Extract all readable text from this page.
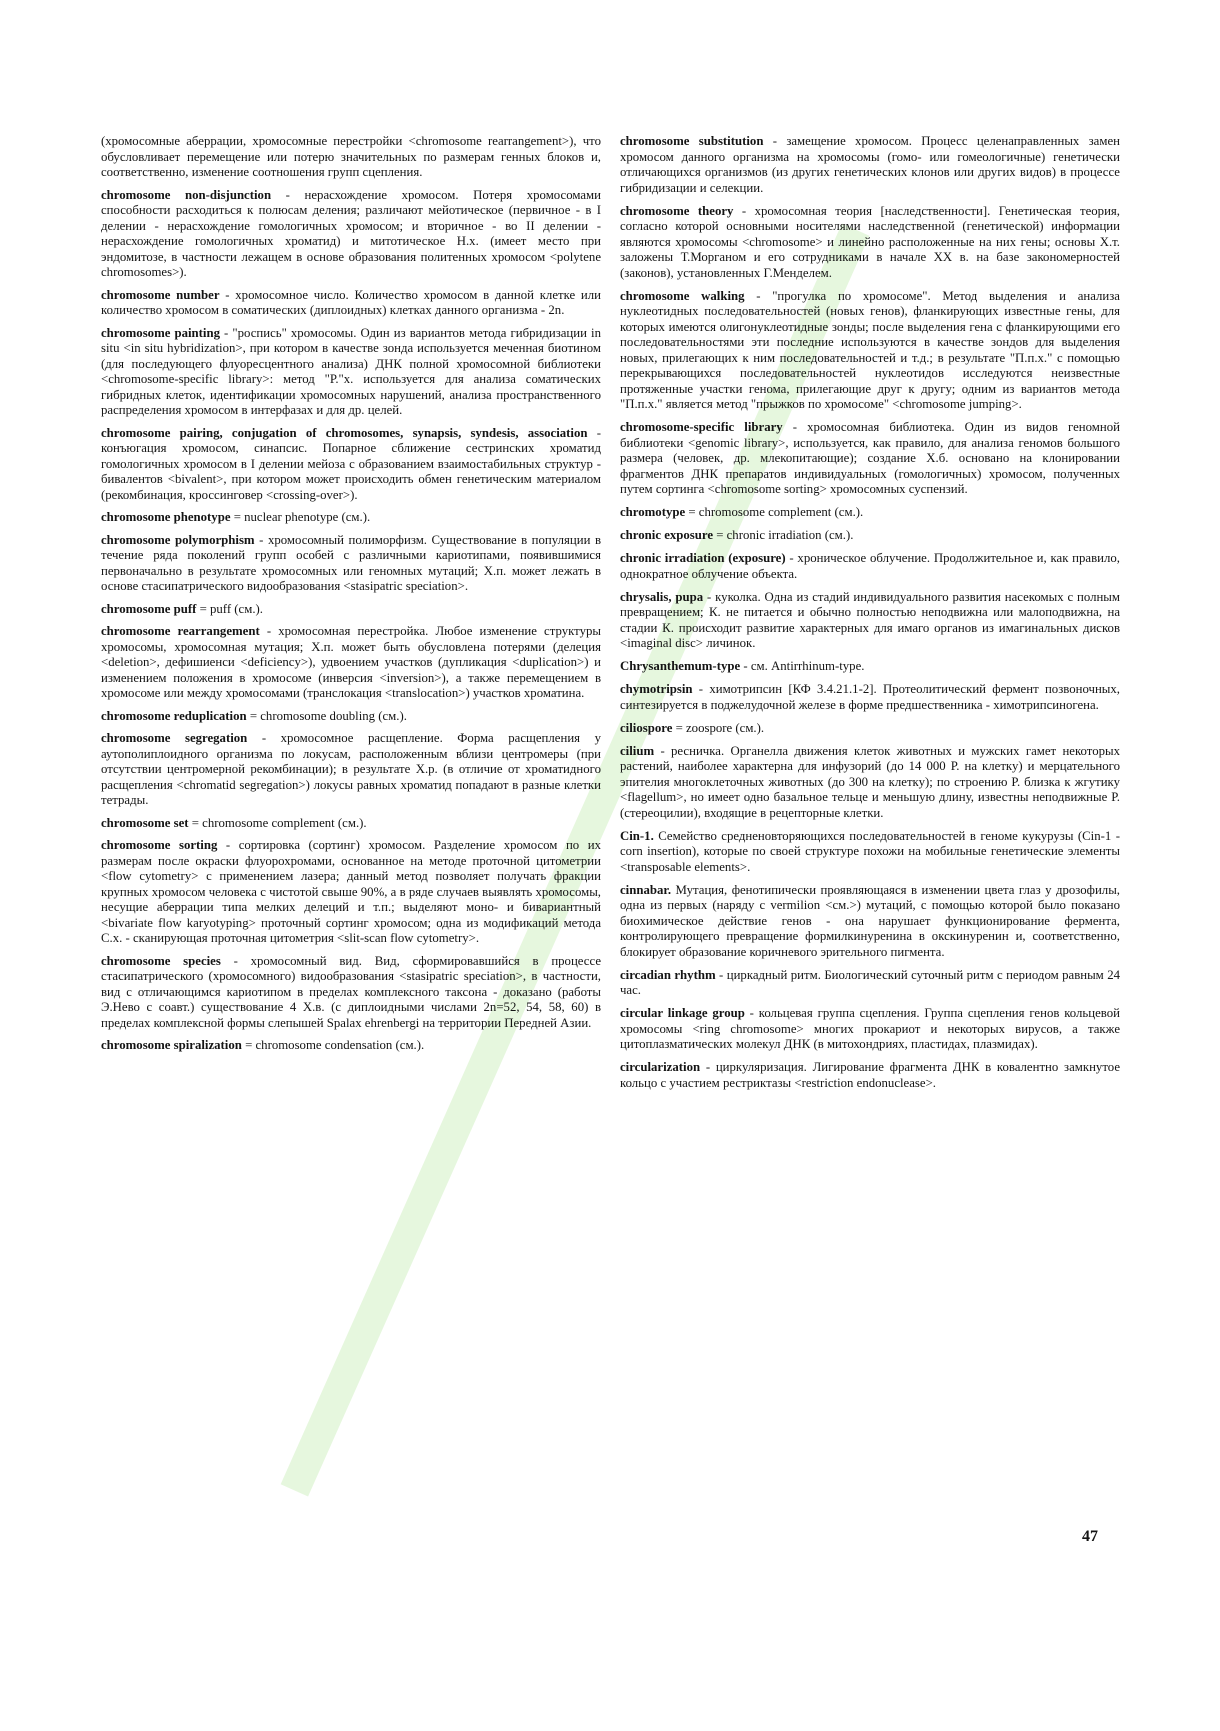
(хромосомные аберрации, хромосомные перестройки <chromosome rearrangement>), что обусловливает перемещение или потерю значительных по размерам генных блоков и, соответственно, изменение соотношения групп сцепления.

chromosome non-disjunction - нерасхождение хромосом. Потеря хромосомами способности расходиться к полюсам деления; различают мейотическое (первичное - в I делении - нерасхождение гомологичных хромосом; и вторичное - во II делении - нерасхождение гомологичных хроматид) и митотическое Н.х. (имеет место при эндомитозе, в частности лежащем в основе образования политенных хромосом <polytene chromosomes>).

chromosome number - хромосомное число. Количество хромосом в данной клетке или количество хромосом в соматических (диплоидных) клетках данного организма - 2n.

chromosome painting - "роспись" хромосомы. Один из вариантов метода гибридизации in situ <in situ hybridization>, при котором в качестве зонда используется меченная биотином (для последующего флуоресцентного анализа) ДНК полной хромосомной библиотеки <chromosome-specific library>: метод "Р."х. используется для анализа соматических гибридных клеток, идентификации хромосомных нарушений, анализа пространственного распределения хромосом в интерфазах и для др. целей.

chromosome pairing, conjugation of chromosomes, synapsis, syndesis, association - конъюгация хромосом, синапсис. Попарное сближение сестринских хроматид гомологичных хромосом в I делении мейоза с образованием взаимостабильных структур - бивалентов <bivalent>, при котором может происходить обмен генетическим материалом (рекомбинация, кроссинговер <crossing-over>).

chromosome phenotype = nuclear phenotype (см.).

chromosome polymorphism - хромосомный полиморфизм. Существование в популяции в течение ряда поколений групп особей с различными кариотипами, появившимися первоначально в результате хромосомных или геномных мутаций; Х.п. может лежать в основе стасипатрического видообразования <stasipatric speciation>.

chromosome puff = puff (см.).

chromosome rearrangement - хромосомная перестройка. Любое изменение структуры хромосомы, хромосомная мутация; Х.п. может быть обусловлена потерями (делеция <deletion>, дефишиенси <deficiency>), удвоением участков (дупликация <duplication>) и изменением положения в хромосоме (инверсия <inversion>), а также перемещением в хромосоме или между хромосомами (транслокация <translocation>) участков хроматина.

chromosome reduplication = chromosome doubling (см.).

chromosome segregation - хромосомное расщепление. Форма расщепления у аутополиплоидного организма по локусам, расположенным вблизи центромеры (при отсутствии центромерной рекомбинации); в результате Х.р. (в отличие от хроматидного расщепления <chromatid segregation>) локусы равных хроматид попадают в разные клетки тетрады.

chromosome set = chromosome complement (см.).

chromosome sorting - сортировка (сортинг) хромосом. Разделение хромосом по их размерам после окраски флуорохромами, основанное на методе проточной цитометрии <flow cytometry> с применением лазера; данный метод позволяет получать фракции крупных хромосом человека с чистотой свыше 90%, а в ряде случаев выявлять хромосомы, несущие аберрации типа мелких делеций и т.п.; выделяют моно- и бивариантный <bivariate flow karyotyping> проточный сортинг хромосом; одна из модификаций метода С.х. - сканирующая проточная цитометрия <slit-scan flow cytometry>.

chromosome species - хромосомный вид. Вид, сформировавшийся в процессе стасипатрического (хромосомного) видообразования <stasipatric speciation>, в частности, вид с отличающимся кариотипом в пределах комплексного таксона - доказано (работы Э.Нево с соавт.) существование 4 Х.в. (с диплоидными числами 2n=52, 54, 58, 60) в пределах комплексной формы слепышей Spalax ehrenbergi на территории Передней Азии.

chromosome spiralization = chromosome condensation (см.).

chromosome substitution - замещение хромосом. Процесс целенаправленных замен хромосом данного организма на хромосомы (гомо- или гомеологичные) генетически отличающихся организмов (из других генетических клонов или других видов) в процессе гибридизации и селекции.

chromosome theory - хромосомная теория [наследственности]. Генетическая теория, согласно которой основными носителями наследственной (генетической) информации являются хромосомы <chromosome> и линейно расположенные на них гены; основы Х.т. заложены Т.Морганом и его сотрудниками в начале ХХ в. на базе закономерностей (законов), установленных Г.Менделем.

chromosome walking - "прогулка по хромосоме". Метод выделения и анализа нуклеотидных последовательностей (новых генов), фланкирующих известные гены, для которых имеются олигонуклеотидные зонды; после выделения гена с фланкирующими его последовательностями эти последние используются в качестве зондов для выделения новых, прилегающих к ним последовательностей и т.д.; в результате "П.п.х." с помощью перекрывающихся последовательностей нуклеотидов исследуются неизвестные протяженные участки генома, прилегающие друг к другу; одним из вариантов метода "П.п.х." является метод "прыжков по хромосоме" <chromosome jumping>.

chromosome-specific library - хромосомная библиотека. Один из видов геномной библиотеки <genomic library>, используется, как правило, для анализа геномов большого размера (человек, др. млекопитающие); создание Х.б. основано на клонировании фрагментов ДНК препаратов индивидуальных (гомологичных) хромосом, полученных путем сортинга <chromosome sorting> хромосомных суспензий.

chromotype = chromosome complement (см.).

chronic exposure = chronic irradiation (см.).

chronic irradiation (exposure) - хроническое облучение. Продолжительное и, как правило, однократное облучение объекта.

chrysalis, pupa - куколка. Одна из стадий индивидуального развития насекомых с полным превращением; К. не питается и обычно полностью неподвижна или малоподвижна, на стадии К. происходит развитие характерных для имаго органов из имагинальных дисков <imaginal disc> личинок.

Chrysanthemum-type - см. Antirrhinum-type.

chymotripsin - химотрипсин [КФ 3.4.21.1-2]. Протеолитический фермент позвоночных, синтезируется в поджелудочной железе в форме предшественника - химотрипсиногена.

ciliospore = zoospore (см.).

cilium - ресничка. Органелла движения клеток животных и мужских гамет некоторых растений, наиболее характерна для инфузорий (до 14 000 Р. на клетку) и мерцательного эпителия многоклеточных животных (до 300 на клетку); по строению Р. близка к жгутику <flagellum>, но имеет одно базальное тельце и меньшую длину, известны неподвижные Р. (стереоцилии), входящие в рецепторные клетки.

Cin-1. Семейство средненовторяющихся последовательностей в геноме кукурузы (Cin-1 - corn insertion), которые по своей структуре похожи на мобильные генетические элементы <transposable elements>.

cinnabar. Мутация, фенотипически проявляющаяся в изменении цвета глаз у дрозофилы, одна из первых (наряду с vermilion <см.>) мутаций, с помощью которой было показано биохимическое действие генов - она нарушает функционирование фермента, контролирующего превращение формилкинуренина в окскинуренин и, соответственно, блокирует образование коричневого эрительного пигмента.

circadian rhythm - циркадный ритм. Биологический суточный ритм с периодом равным 24 час.

circular linkage group - кольцевая группа сцепления. Группа сцепления генов кольцевой хромосомы <ring chromosome> многих прокариот и некоторых вирусов, а также цитоплазматических молекул ДНК (в митохондриях, пластидах, плазмидах).

circularization - циркуляризация. Лигирование фрагмента ДНК в ковалентно замкнутое кольцо с участием рестриктазы <restriction endonuclease>.

47
